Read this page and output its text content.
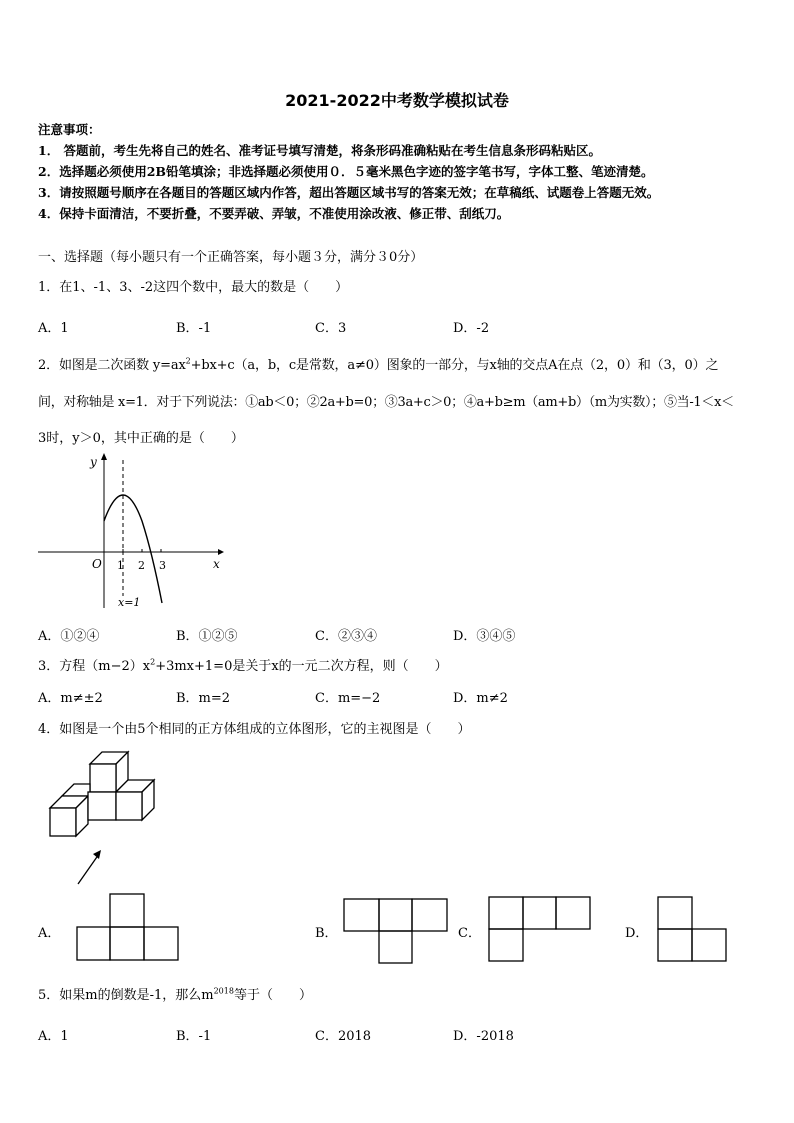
2021-2022中考数学模拟试卷
注意事项：
1． 答题前，考生先将自己的姓名、准考证号填写清楚，将条形码准确粘贴在考生信息条形码粘贴区。
2．选择题必须使用2B铅笔填涂；非选择题必须使用０．５毫米黑色字迹的签字笔书写，字体工整、笔迹清楚。
3．请按照题号顺序在各题目的答题区域内作答，超出答题区域书写的答案无效；在草稿纸、试题卷上答题无效。
4．保持卡面清洁，不要折叠，不要弄破、弄皱，不准使用涂改液、修正带、刮纸刀。
一、选择题（每小题只有一个正确答案，每小题３分，满分３0分）
1．在1、-1、3、-2这四个数中，最大的数是（　　）
A．1	B．-1	C．3	D．-2
2．如图是二次函数 $y=ax^2+bx+c(a$，b，c是常数，a≠0）图象的一部分，与x轴的交点A在点（2，0）和（3，0）之
间，对称轴是 x=1．对于下列说法：①ab＜0；②2a+b=0；③3a+c＞0；④a+b≥m（am+b）（m为实数）；⑤当-1＜x＜
3时，y＞0，其中正确的是（　　）
y
x
O 1 2 3
x=1
A．①②④	B．①②⑤	C．②③④	D．③④⑤
3．方程$(m-2)x^2+3mx+1=0$是关于x的一元二次方程，则（　　）
A．m≠±2	B．m=2	C．m=−2	D．m≠2
4．如图是一个由5个相同的正方体组成的立体图形，它的主视图是（　　）
A．	B．	C．	D．
5．如果m的倒数是-1，那么$m^{2018}$等于（　　）
A．1	B．-1	C．2018	D．-2018
